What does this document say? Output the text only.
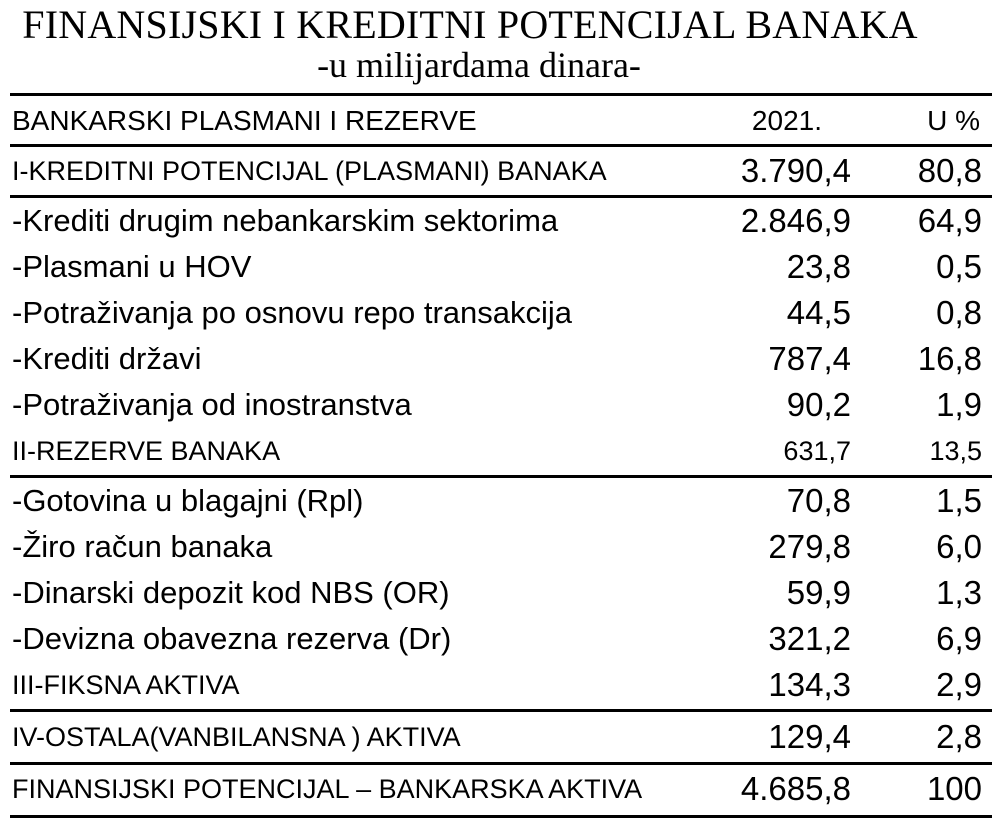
FINANSIJSKI I KREDITNI POTENCIJAL BANAKA
-u milijardama dinara-
BANKARSKI PLASMANI I REZERVE	2021.	U %
I-KREDITNI POTENCIJAL (PLASMANI) BANAKA	3.790,4 80,8
-Krediti drugim nebankarskim sektorima	2.846,9 64,9
-Plasmani u HOV	23,8	0,5
-Potraživanja po osnovu repo transakcija	44,5	0,8
-Krediti državi	787,4 16,8
-Potraživanja od inostranstva	90,2	1,9
II-REZERVE BANAKA	631,7	13,5
-Gotovina u blagajni (Rpl)	70,8	1,5
-Žiro račun banaka	279,8	6,0
-Dinarski depozit kod NBS (OR)	59,9	1,3
-Devizna obavezna rezerva (Dr)	321,2	6,9
III-FIKSNA AKTIVA	134,3	2,9
IV-OSTALA(VANBILANSNA ) AKTIVA	129,4	2,8
FINANSIJSKI POTENCIJAL – BANKARSKA AKTIVA	4.685,8 100
